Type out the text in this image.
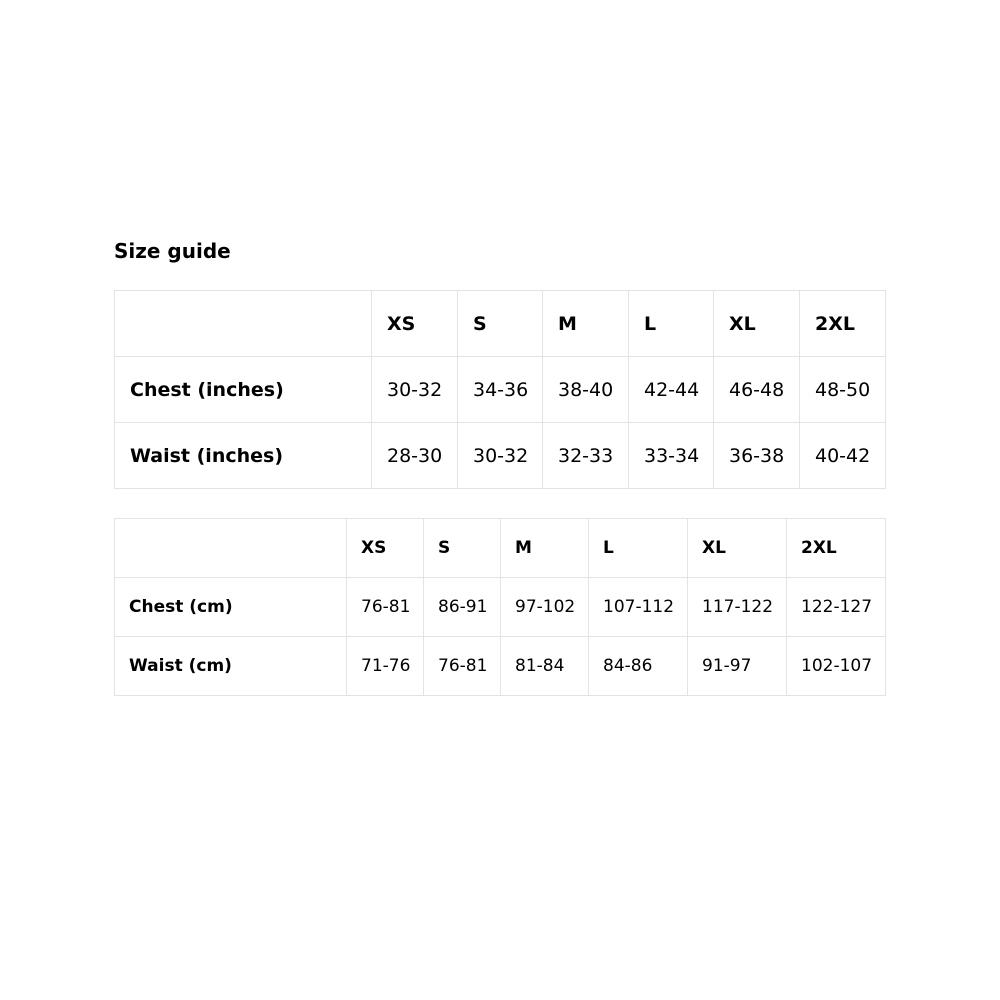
Size guide
	XS	S	M	L	XL	2XL
Chest (inches)	30-32	34-36	38-40	42-44	46-48	48-50
Waist (inches)	28-30	30-32	32-33	33-34	36-38	40-42
	XS	S	M	L	XL	2XL
Chest (cm)	76-81	86-91	97-102	107-112	117-122	122-127
Waist (cm)	71-76	76-81	81-84	84-86	91-97	102-107
